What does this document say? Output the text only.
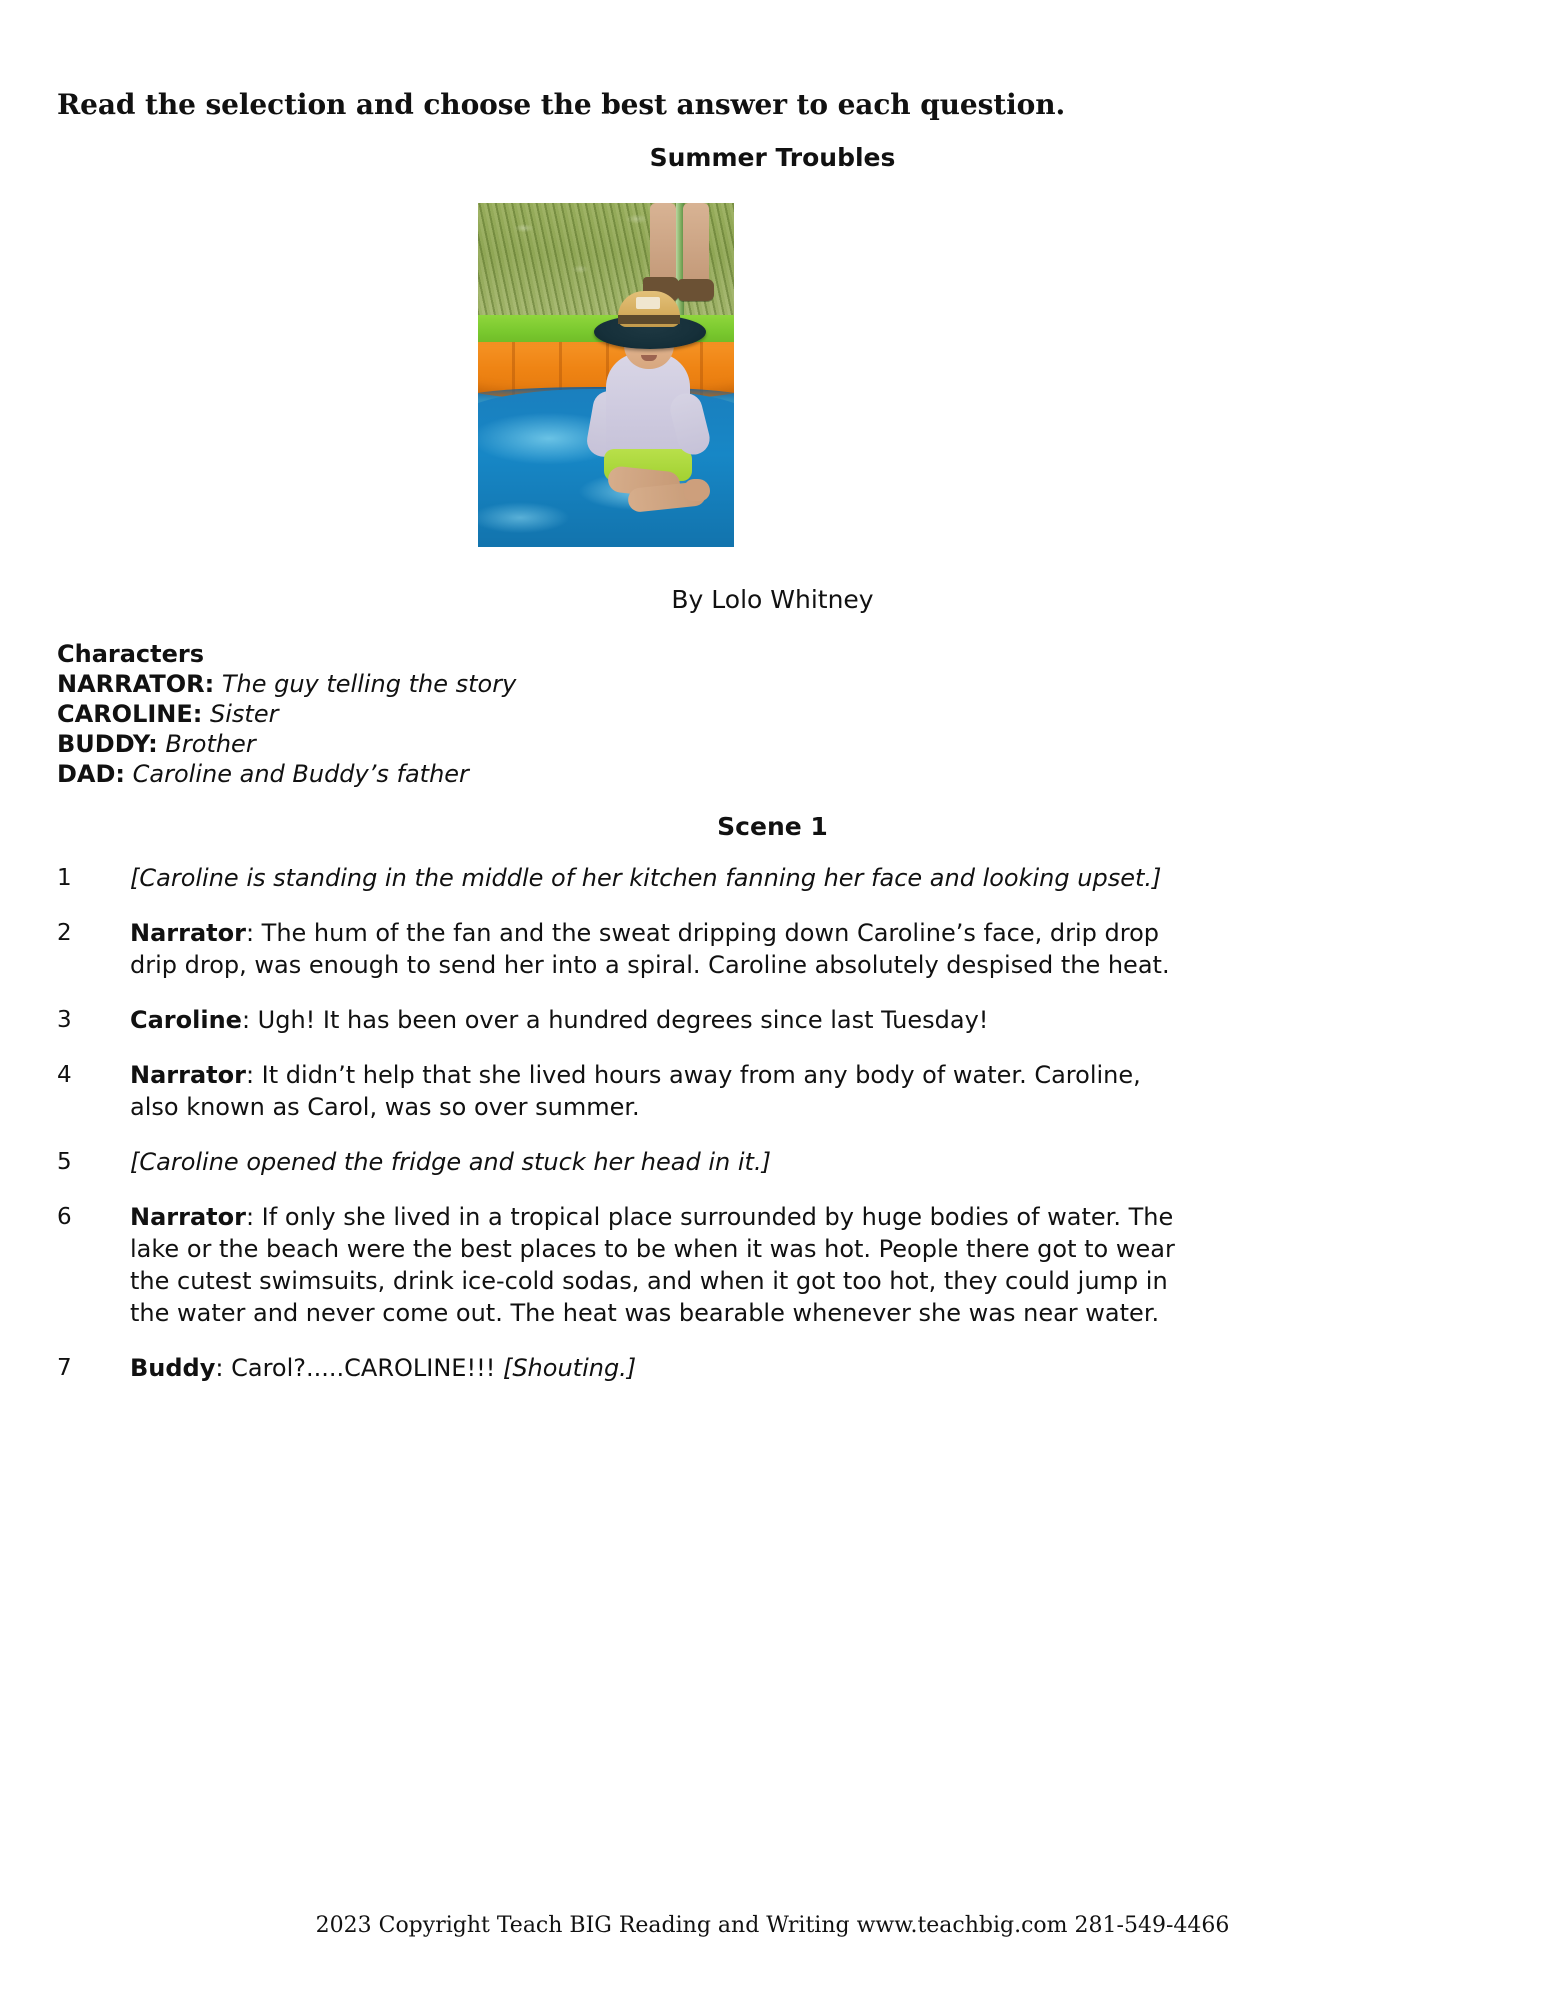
Read the selection and choose the best answer to each question.
Summer Troubles
By Lolo Whitney
Characters
NARRATOR: The guy telling the story
CAROLINE: Sister
BUDDY: Brother
DAD: Caroline and Buddy’s father
Scene 1
1	[Caroline is standing in the middle of her kitchen fanning her face and looking upset.]
2	Narrator: The hum of the fan and the sweat dripping down Caroline’s face, drip drop drip drop, was enough to send her into a spiral. Caroline absolutely despised the heat.
3	Caroline: Ugh! It has been over a hundred degrees since last Tuesday!
4	Narrator: It didn’t help that she lived hours away from any body of water. Caroline, also known as Carol, was so over summer.
5	[Caroline opened the fridge and stuck her head in it.]
6	Narrator: If only she lived in a tropical place surrounded by huge bodies of water. The lake or the beach were the best places to be when it was hot. People there got to wear the cutest swimsuits, drink ice-cold sodas, and when it got too hot, they could jump in the water and never come out. The heat was bearable whenever she was near water.
7	Buddy: Carol?.....CAROLINE!!! [Shouting.]
2023 Copyright Teach BIG Reading and Writing www.teachbig.com 281-549-4466
